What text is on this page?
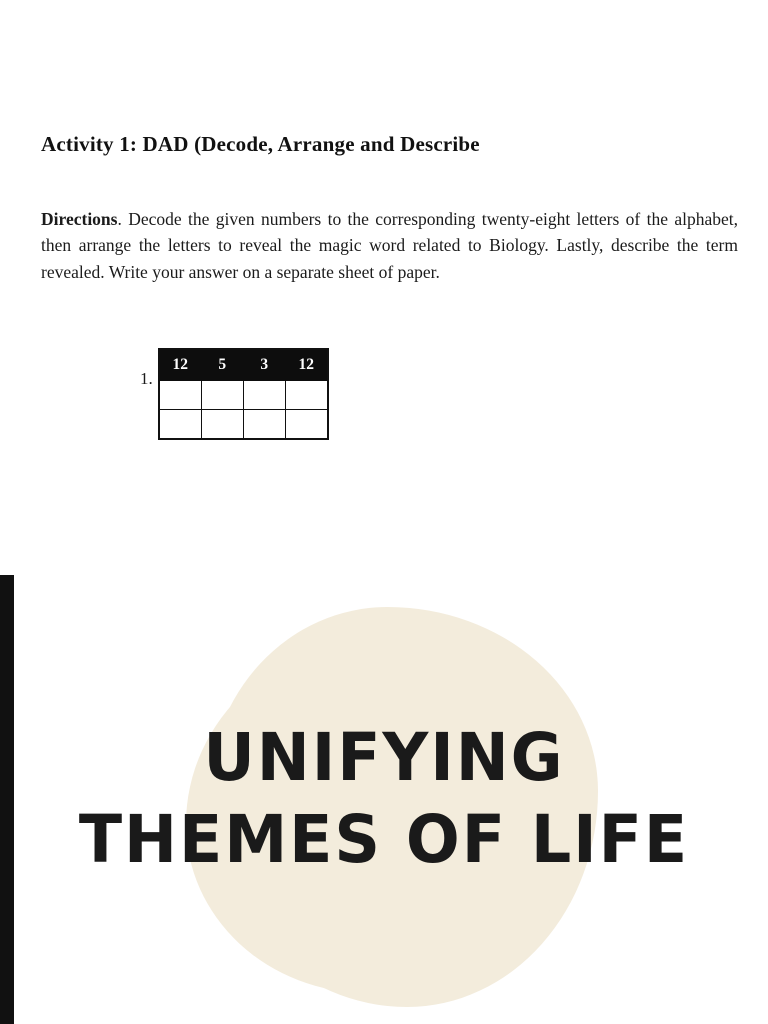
Activity 1: DAD (Decode, Arrange and Describe

Directions. Decode the given numbers to the corresponding twenty-eight letters of the alphabet, then arrange the letters to reveal the magic word related to Biology. Lastly, describe the term revealed. Write your answer on a separate sheet of paper.

1.
12	5	3	12

UNIFYING
THEMES OF LIFE
